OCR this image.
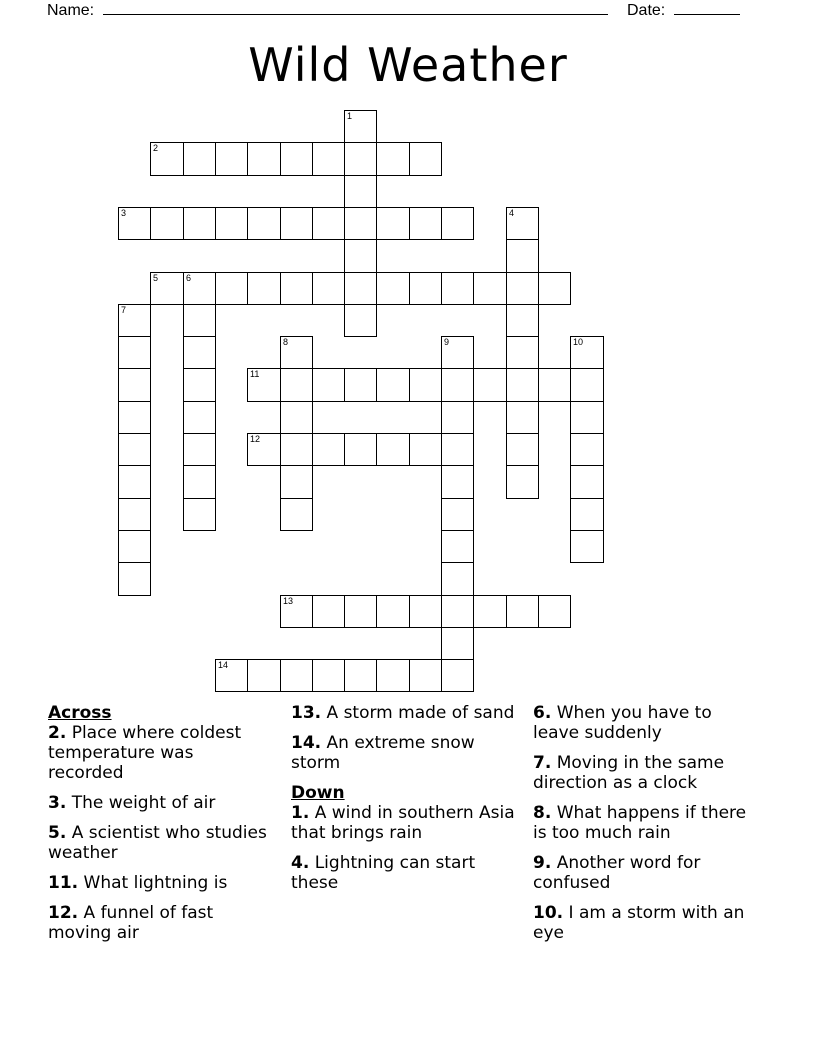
Name:	Date:
Wild Weather
1
2
3	4
5	6
7
8	9	10
11
12
13
14

Across

2. Place where coldest temperature was recorded

3. The weight of air

5. A scientist who studies weather

11. What lightning is

12. A funnel of fast moving air

13. A storm made of sand

14. An extreme snow storm

Down

1. A wind in southern Asia that brings rain

4. Lightning can start these

6. When you have to leave suddenly

7. Moving in the same direction as a clock

8. What happens if there is too much rain

9. Another word for confused

10. I am a storm with an eye
